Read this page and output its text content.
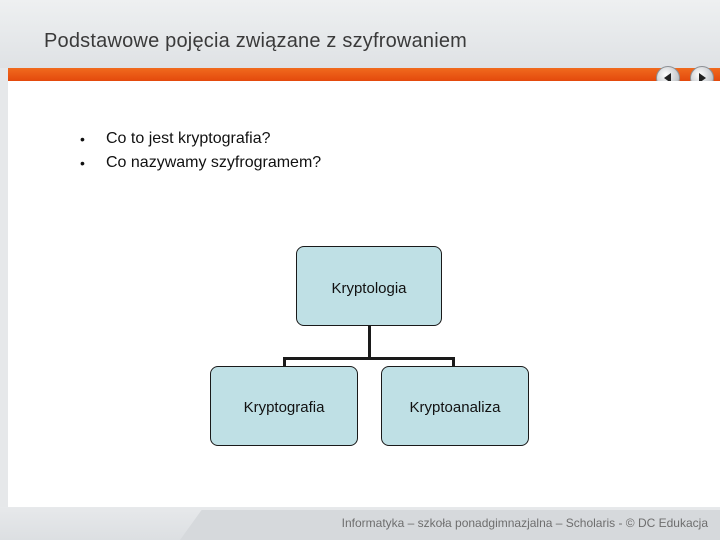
Podstawowe pojęcia związane z szyfrowaniem
• Co to jest kryptografia?
• Co nazywamy szyfrogramem?
Kryptologia
Kryptografia	Kryptoanaliza
Informatyka – szkoła ponadgimnazjalna – Scholaris - © DC Edukacja
